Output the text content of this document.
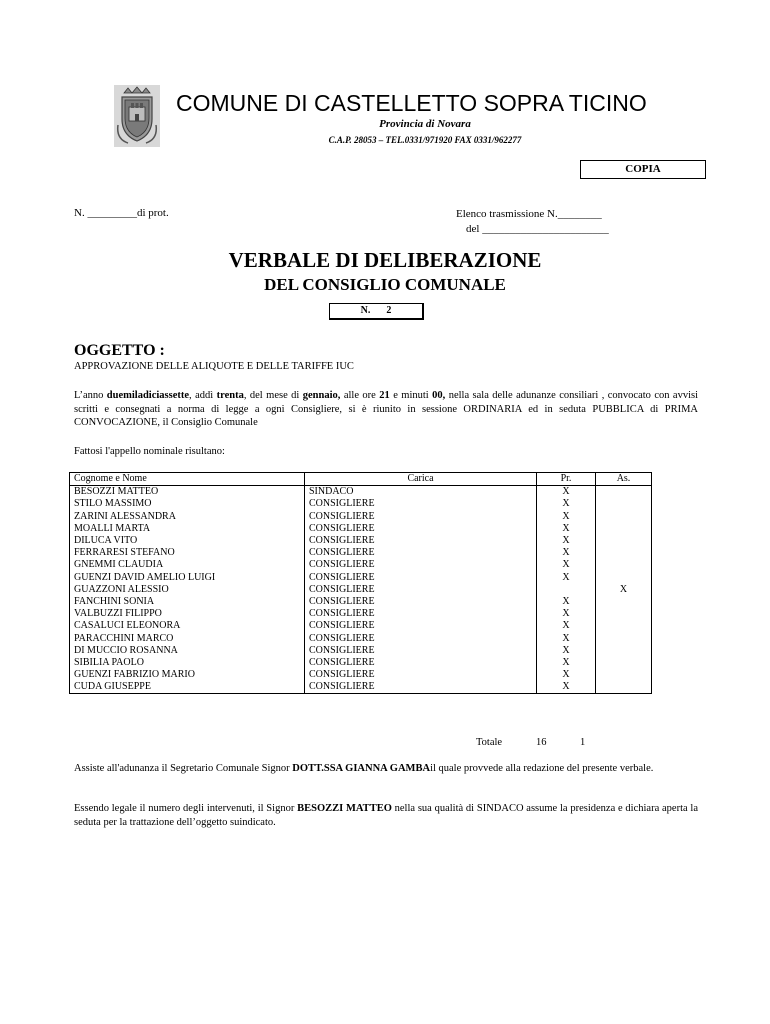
COMUNE DI CASTELLETTO SOPRA TICINO
Provincia di Novara
C.A.P. 28053 – TEL.0331/971920 FAX 0331/962277
COPIA
N. _________di prot.	Elenco trasmissione N.________
del _______________________
VERBALE DI DELIBERAZIONE
DEL CONSIGLIO COMUNALE
N. 2
OGGETTO :
APPROVAZIONE DELLE ALIQUOTE E DELLE TARIFFE IUC
L’anno duemiladiciassette, addì trenta, del mese di gennaio, alle ore 21 e minuti 00, nella sala delle adunanze consiliari , convocato con avvisi scritti e consegnati a norma di legge a ogni Consigliere, si è riunito in sessione ORDINARIA ed in seduta PUBBLICA di PRIMA CONVOCAZIONE, il Consiglio Comunale
Fattosi l'appello nominale risultano:
Cognome e Nome	Carica	Pr.	As.
BESOZZI MATTEO	SINDACO	X	
STILO MASSIMO	CONSIGLIERE	X	
ZARINI ALESSANDRA	CONSIGLIERE	X	
MOALLI MARTA	CONSIGLIERE	X	
DILUCA VITO	CONSIGLIERE	X	
FERRARESI STEFANO	CONSIGLIERE	X	
GNEMMI CLAUDIA	CONSIGLIERE	X	
GUENZI DAVID AMELIO LUIGI	CONSIGLIERE	X	
GUAZZONI ALESSIO	CONSIGLIERE		X
FANCHINI SONIA	CONSIGLIERE	X	
VALBUZZI FILIPPO	CONSIGLIERE	X	
CASALUCI ELEONORA	CONSIGLIERE	X	
PARACCHINI MARCO	CONSIGLIERE	X	
DI MUCCIO ROSANNA	CONSIGLIERE	X	
SIBILIA PAOLO	CONSIGLIERE	X	
GUENZI FABRIZIO MARIO	CONSIGLIERE	X	
CUDA GIUSEPPE	CONSIGLIERE	X	
Totale	16	1
Assiste all'adunanza il Segretario Comunale Signor DOTT.SSA GIANNA GAMBAil quale provvede alla redazione del presente verbale.
Essendo legale il numero degli intervenuti, il Signor BESOZZI MATTEO nella sua qualità di SINDACO assume la presidenza e dichiara aperta la seduta per la trattazione dell’oggetto suindicato.
